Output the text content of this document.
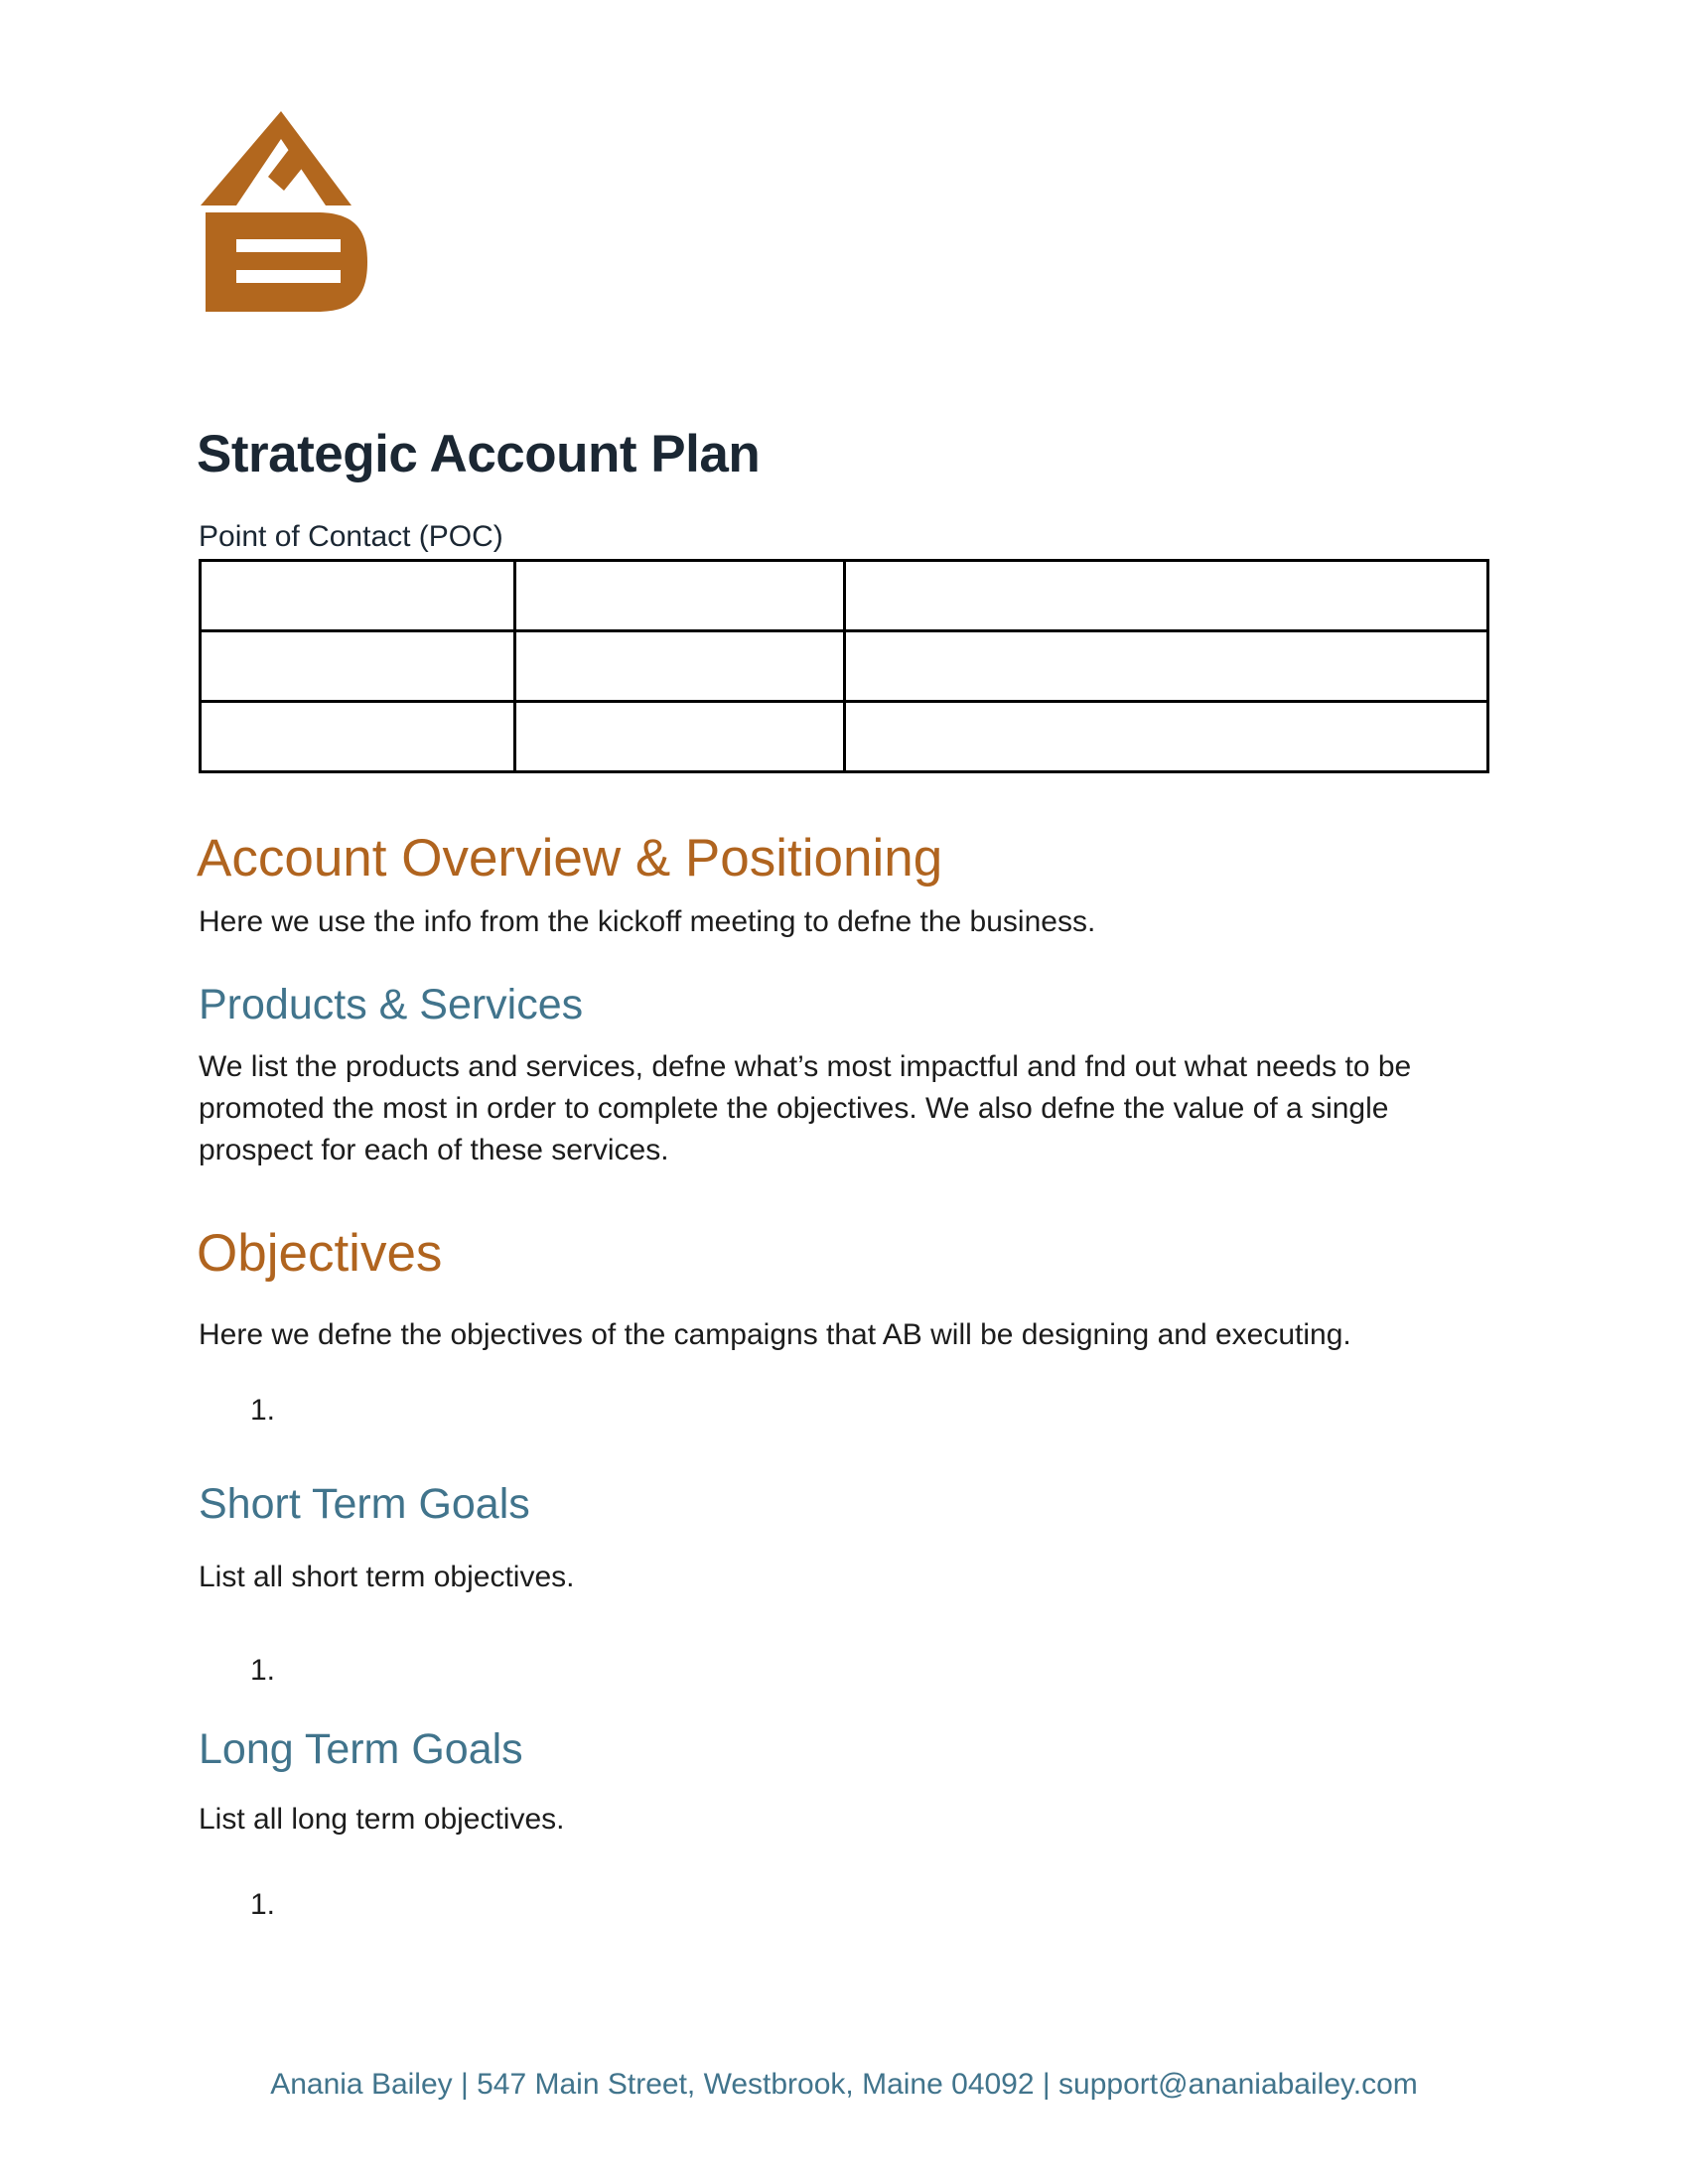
Strategic Account Plan
Point of Contact (POC)

Account Overview & Positioning
Here we use the info from the kickoff meeting to defne the business.
Products & Services
We list the products and services, defne what’s most impactful and fnd out what needs to be promoted the most in order to complete the objectives. We also defne the value of a single prospect for each of these services.
Objectives
Here we defne the objectives of the campaigns that AB will be designing and executing.
1.
Short Term Goals
List all short term objectives.
1.
Long Term Goals
List all long term objectives.
1.
Anania Bailey | 547 Main Street, Westbrook, Maine 04092 | support@ananiabailey.com
